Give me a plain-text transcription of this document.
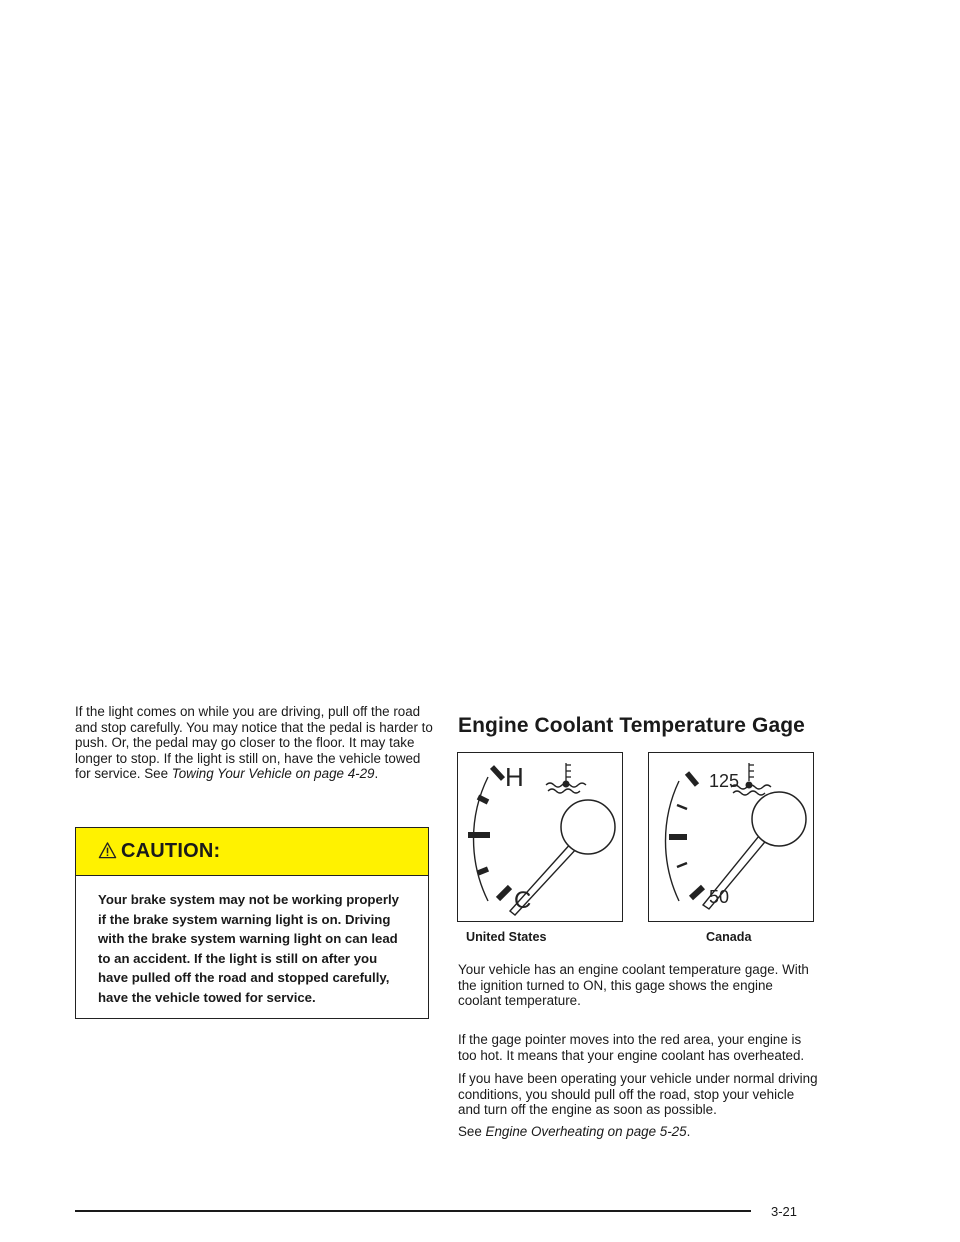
If the light comes on while you are driving, pull off the road and stop carefully. You may notice that the pedal is harder to push. Or, the pedal may go closer to the floor. It may take longer to stop. If the light is still on, have the vehicle towed for service. See Towing Your Vehicle on page 4-29.

CAUTION:
Your brake system may not be working properly if the brake system warning light is on. Driving with the brake system warning light on can lead to an accident. If the light is still on after you have pulled off the road and stopped carefully, have the vehicle towed for service.
Engine Coolant Temperature Gage
H
C
125
50
United States	Canada

Your vehicle has an engine coolant temperature gage. With the ignition turned to ON, this gage shows the engine coolant temperature.

If the gage pointer moves into the red area, your engine is too hot. It means that your engine coolant has overheated.

If you have been operating your vehicle under normal driving conditions, you should pull off the road, stop your vehicle and turn off the engine as soon as possible.

See Engine Overheating on page 5-25.

3-21
